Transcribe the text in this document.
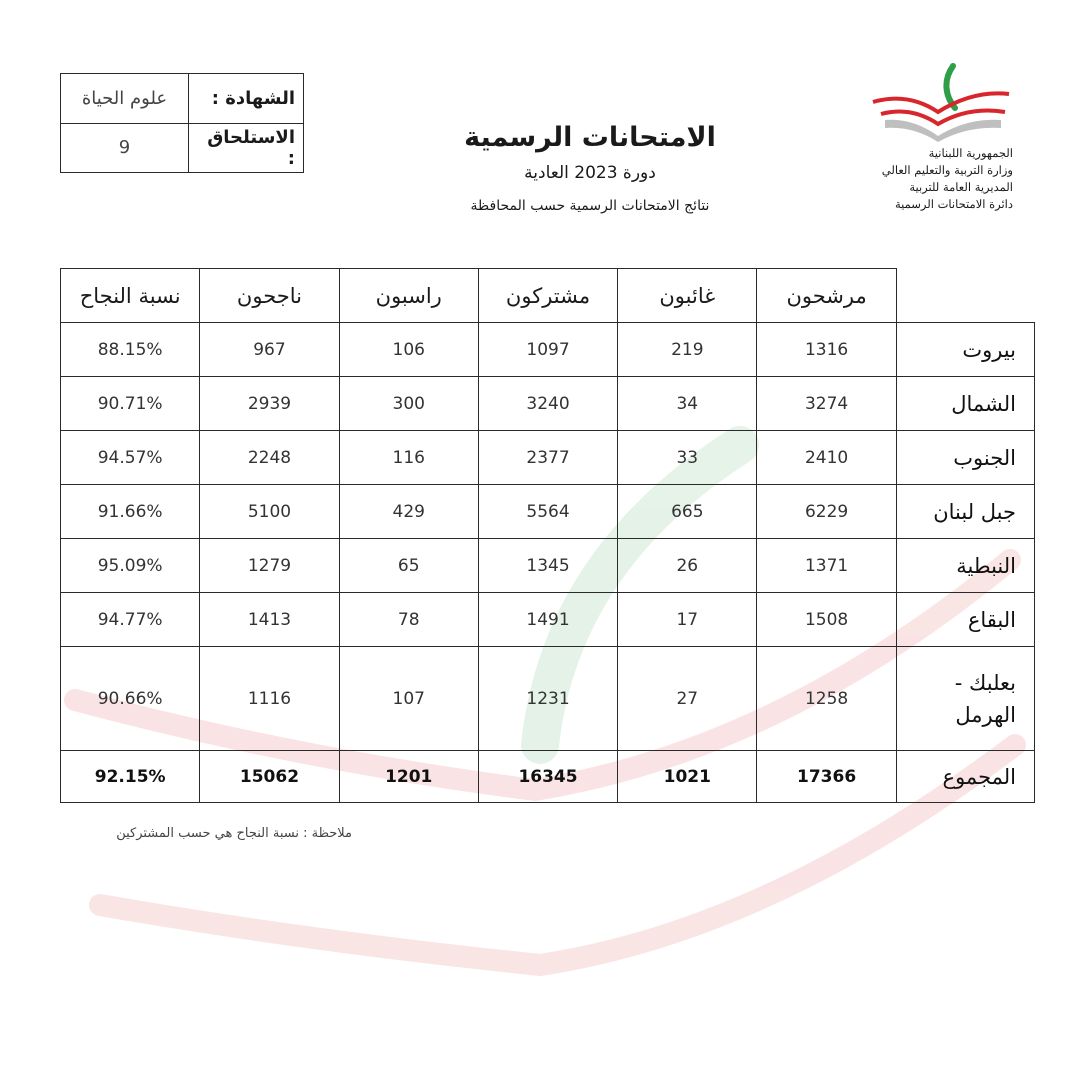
الشهادة :	علوم الحياة
الاستلحاق :	9	الامتحانات الرسمية

دورة 2023 العادية

نتائج الامتحانات الرسمية حسب المحافظة

الجمهورية اللبنانية
وزارة التربية والتعليم العالي
المديرية العامة للتربية
دائرة الامتحانات الرسمية
	مرشحون	غائبون	مشتركون	راسبون	ناجحون	نسبة النجاح
بيروت	1316	219	1097	106	967	88.15%
الشمال	3274	34	3240	300	2939	90.71%
الجنوب	2410	33	2377	116	2248	94.57%
جبل لبنان	6229	665	5564	429	5100	91.66%
النبطية	1371	26	1345	65	1279	95.09%
البقاع	1508	17	1491	78	1413	94.77%

بعلبك -
الهرمل	1258	27	1231	107	1116	90.66%
المجموع	17366	1021	16345	1201	15062	92.15%
ملاحظة : نسبة النجاح هي حسب المشتركين
